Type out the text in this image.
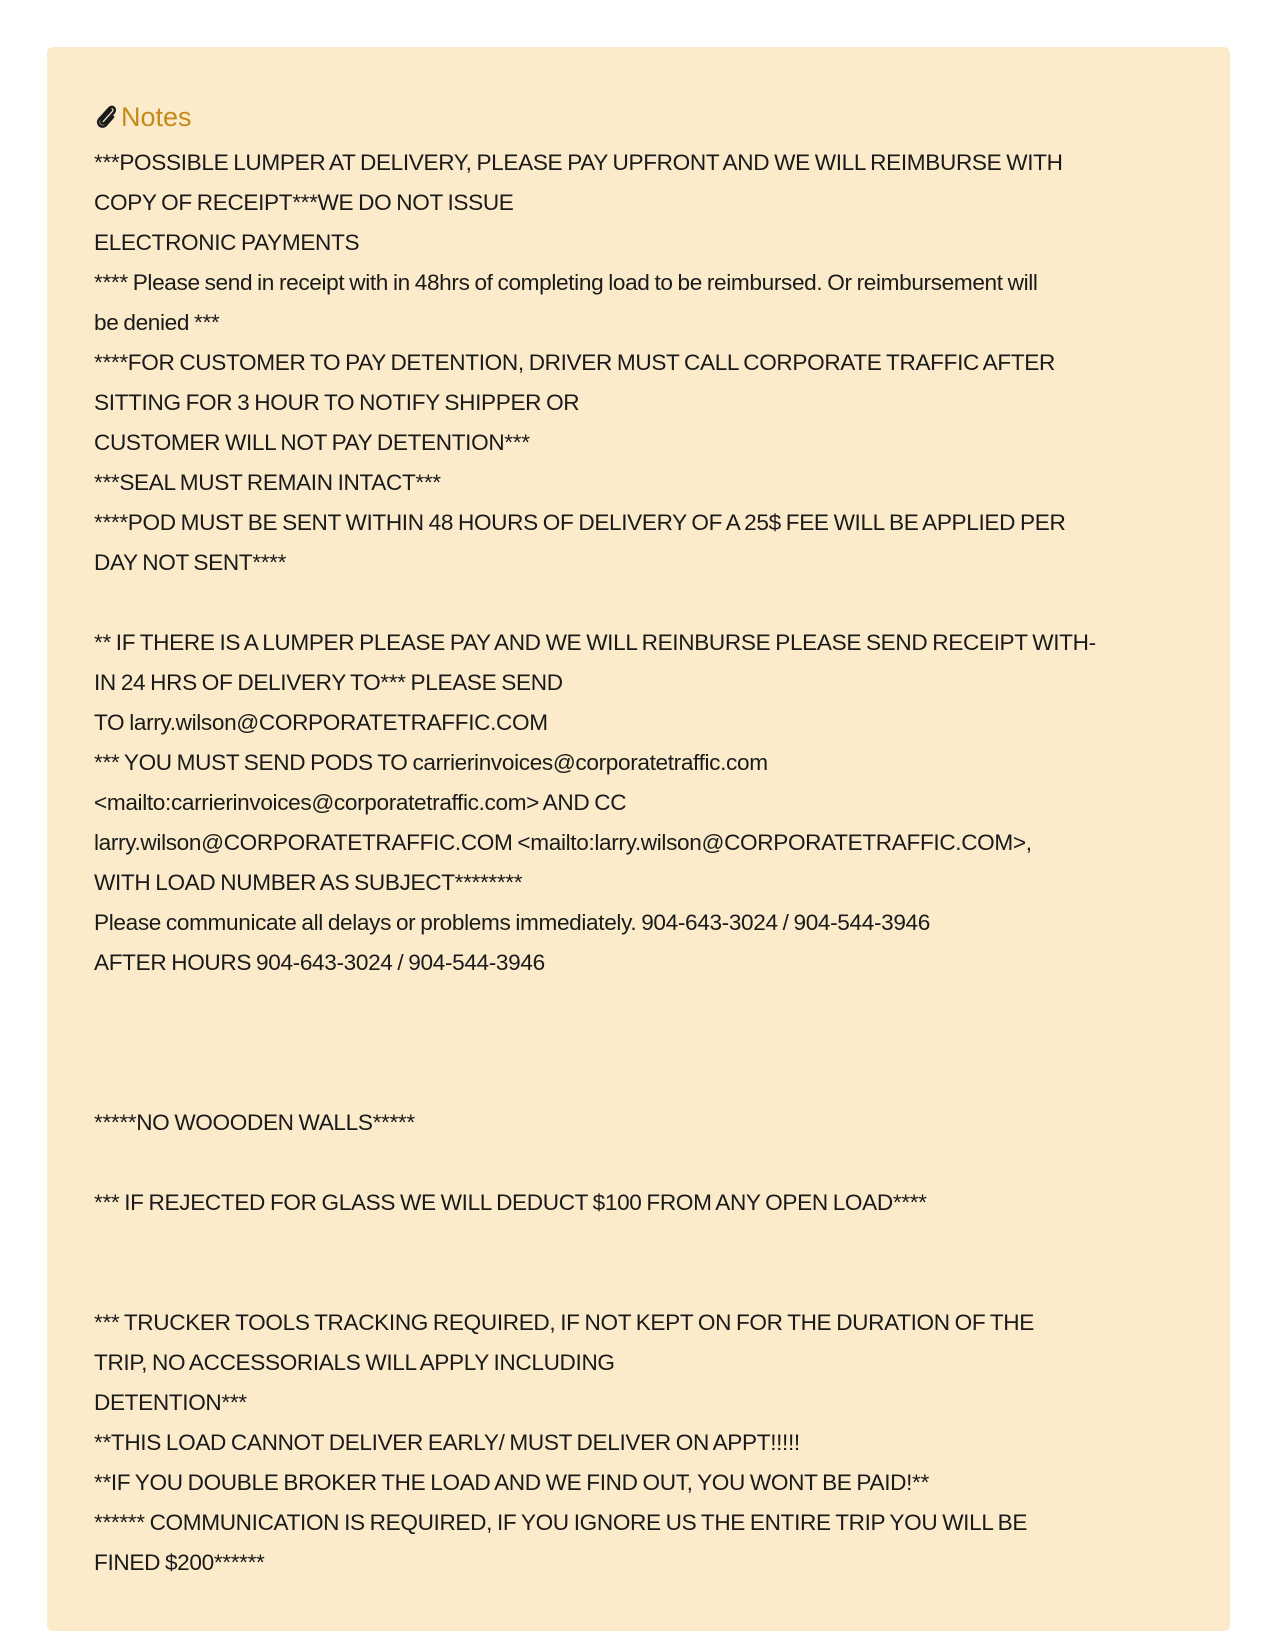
Notes
***POSSIBLE LUMPER AT DELIVERY, PLEASE PAY UPFRONT AND WE WILL REIMBURSE WITH
COPY OF RECEIPT***WE DO NOT ISSUE
ELECTRONIC PAYMENTS
**** Please send in receipt with in 48hrs of completing load to be reimbursed. Or reimbursement will
be denied ***
****FOR CUSTOMER TO PAY DETENTION, DRIVER MUST CALL CORPORATE TRAFFIC AFTER
SITTING FOR 3 HOUR TO NOTIFY SHIPPER OR
CUSTOMER WILL NOT PAY DETENTION***
***SEAL MUST REMAIN INTACT***
****POD MUST BE SENT WITHIN 48 HOURS OF DELIVERY OF A 25$ FEE WILL BE APPLIED PER
DAY NOT SENT****
** IF THERE IS A LUMPER PLEASE PAY AND WE WILL REINBURSE PLEASE SEND RECEIPT WITH-
IN 24 HRS OF DELIVERY TO*** PLEASE SEND
TO larry.wilson@CORPORATETRAFFIC.COM
*** YOU MUST SEND PODS TO carrierinvoices@corporatetraffic.com
<mailto:carrierinvoices@corporatetraffic.com> AND CC
larry.wilson@CORPORATETRAFFIC.COM <mailto:larry.wilson@CORPORATETRAFFIC.COM>,
WITH LOAD NUMBER AS SUBJECT********
Please communicate all delays or problems immediately. 904-643-3024 / 904-544-3946
AFTER HOURS 904-643-3024 / 904-544-3946
*****NO WOOODEN WALLS*****
*** IF REJECTED FOR GLASS WE WILL DEDUCT $100 FROM ANY OPEN LOAD****
*** TRUCKER TOOLS TRACKING REQUIRED, IF NOT KEPT ON FOR THE DURATION OF THE
TRIP, NO ACCESSORIALS WILL APPLY INCLUDING
DETENTION***
**THIS LOAD CANNOT DELIVER EARLY/ MUST DELIVER ON APPT!!!!!
**IF YOU DOUBLE BROKER THE LOAD AND WE FIND OUT, YOU WONT BE PAID!**
****** COMMUNICATION IS REQUIRED, IF YOU IGNORE US THE ENTIRE TRIP YOU WILL BE
FINED $200******
